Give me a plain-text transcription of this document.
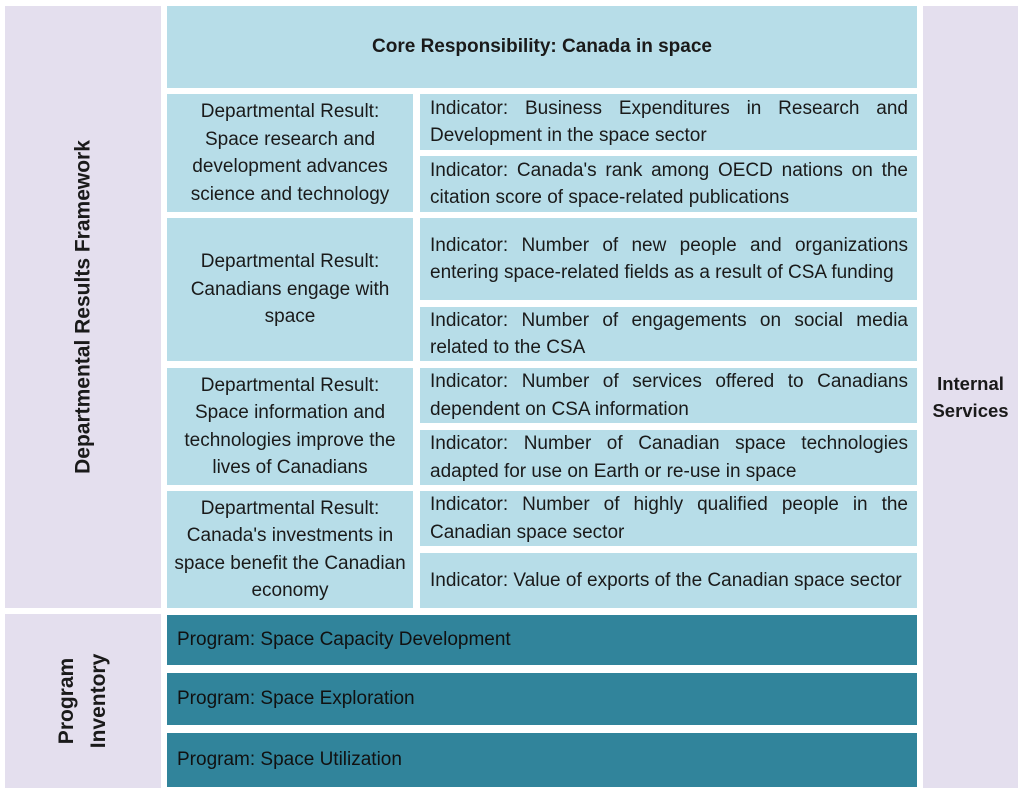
Departmental Results Framework
Program Inventory
Internal
Services
Core Responsibility: Canada in space
Departmental Result: Space research and development advances science and technology
Indicator: Business Expenditures in Research and Development in the space sector
Indicator: Canada's rank among OECD nations on the citation score of space-related publications
Departmental Result: Canadians engage with space
Indicator: Number of new people and organizations entering space-related fields as a result of CSA funding
Indicator: Number of engagements on social media related to the CSA
Departmental Result: Space information and technologies improve the lives of Canadians
Indicator: Number of services offered to Canadians dependent on CSA information
Indicator: Number of Canadian space technologies adapted for use on Earth or re-use in space
Departmental Result: Canada's investments in space benefit the Canadian economy
Indicator: Number of highly qualified people in the Canadian space sector
Indicator: Value of exports of the Canadian space sector
Program: Space Capacity Development
Program: Space Exploration
Program: Space Utilization
